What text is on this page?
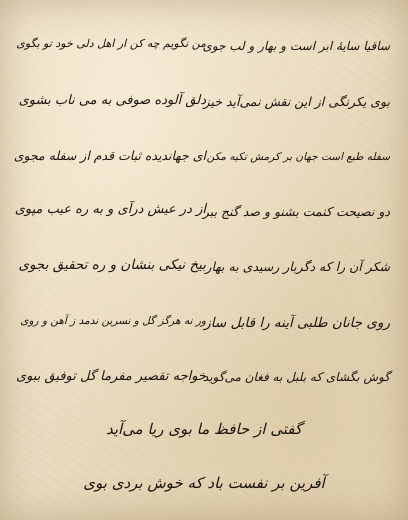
ساقیا سایهٔ ابر است و بهار و لب جوی
من نگویم چه کن ار اهل دلی خود تو بگوی
بوی یکرنگی از این نقش نمی‌آید خیز
دلق آلوده صوفی به می ناب بشوی
سفله طبع است جهان بر کرمش تکیه مکن
ای جهاندیده ثبات قدم از سفله مجوی
دو نصیحت کنمت بشنو و صد گنج ببر
از در عیش درآی و به ره عیب مپوی
شکر آن را که دگربار رسیدی به بهار
بیخ نیکی بنشان و ره تحقیق بجوی
روی جانان طلبی آینه را قابل ساز
ور نه هرگز گل و نسرین ندمد ز آهن و روی
گوش بگشای که بلبل به فغان می‌گوید
خواجه تقصیر مفرما گل توفیق ببوی
گفتی از حافظ ما بوی ریا می‌آید
آفرین بر نفست باد که خوش بردی بوی
